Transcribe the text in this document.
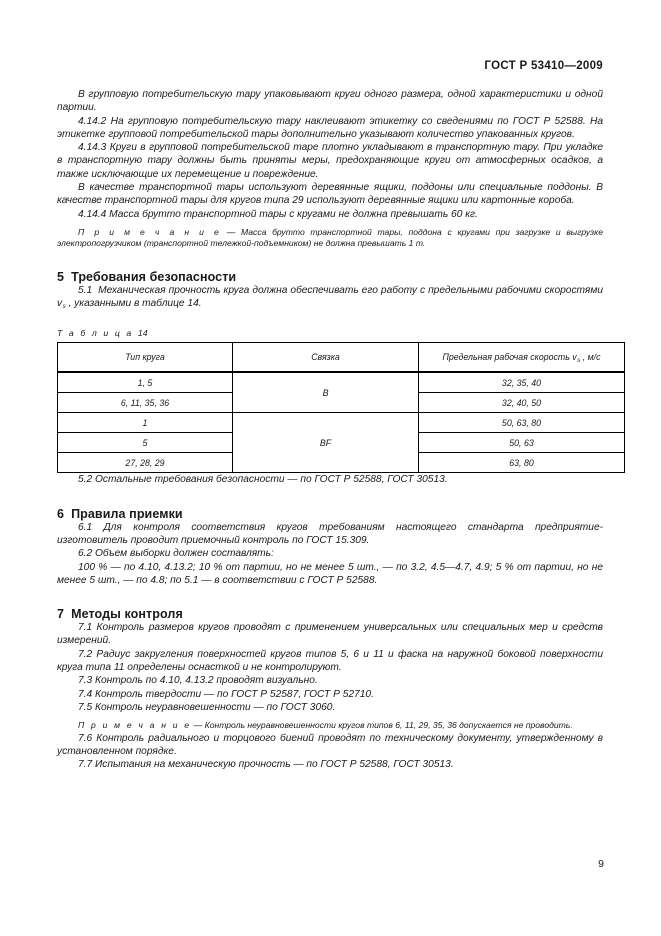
ГОСТ Р 53410—2009

В групповую потребительскую тару упаковывают круги одного размера, одной характеристики и одной партии.

4.14.2 На групповую потребительскую тару наклеивают этикетку со сведениями по ГОСТ Р 52588. На этикетке групповой потребительской тары дополнительно указывают количество упакованных кругов.

4.14.3 Круги в групповой потребительской таре плотно укладывают в транспортную тару. При укладке в транспортную тару должны быть приняты меры, предохраняющие круги от атмосферных осадков, а также исключающие их перемещение и повреждение.

В качестве транспортной тары используют деревянные ящики, поддоны или специальные поддоны. В качестве транспортной тары для кругов типа 29 используют деревянные ящики или картонные короба.

4.14.4 Масса брутто транспортной тары с кругами не должна превышать 60 кг.

П р и м е ч а н и е — Масса брутто транспортной тары, поддона с кругами при загрузке и выгрузке электропогрузчиком (транспортной тележкой-подъемником) не должна превышать 1 т.

5 Требования безопасности

5.1  Механическая прочность круга должна обеспечивать его работу с предельными рабочими скоростями $v_s$ , указанными в таблице 14.

Т а б л и ц а 14
Тип круга	Связка	Предельная рабочая скорость $v_s$ , м/с
1, 5	В	32, 35, 40
6, 11, 35, 36		32, 40, 50
1	BF	50, 63, 80
5		50, 63
27, 28, 29		63, 80

5.2 Остальные требования безопасности — по ГОСТ Р 52588, ГОСТ 30513.

6 Правила приемки

6.1 Для контроля соответствия кругов требованиям настоящего стандарта предприятие-изготовитель проводит приемочный контроль по ГОСТ 15.309.

6.2 Объем выборки должен составлять:

100 % — по 4.10, 4.13.2; 10 % от партии, но не менее 5 шт., — по 3.2, 4.5—4.7, 4.9; 5 % от партии, но не менее 5 шт., — по 4.8; по 5.1 — в соответствии с ГОСТ Р 52588.

7 Методы контроля

7.1 Контроль размеров кругов проводят с применением универсальных или специальных мер и средств измерений.

7.2 Радиус закругления поверхностей кругов типов 5, 6 и 11 и фаска на наружной боковой поверхности круга типа 11 определены оснасткой и не контролируют.

7.3 Контроль по 4.10, 4.13.2 проводят визуально.

7.4 Контроль твердости — по ГОСТ Р 52587, ГОСТ Р 52710.

7.5 Контроль неуравновешенности — по ГОСТ 3060.

П р и м е ч а н и е — Контроль неуравновешенности кругов типов 6, 11, 29, 35, 36 допускается не проводить.

7.6 Контроль радиального и торцового биений проводят по техническому документу, утвержденному в установленном порядке.

7.7 Испытания на механическую прочность — по ГОСТ Р 52588, ГОСТ 30513.

9
